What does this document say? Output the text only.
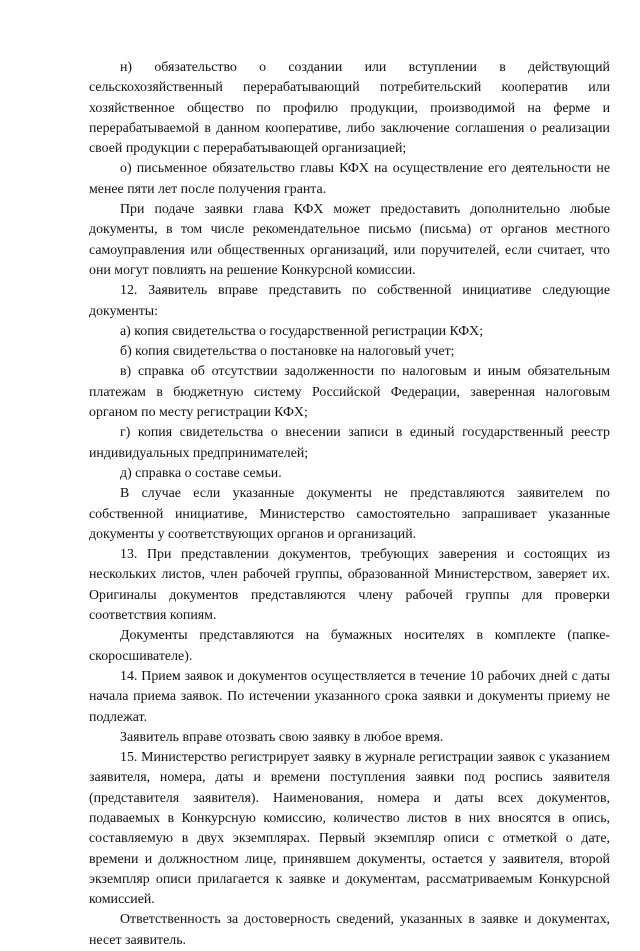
н) обязательство о создании или вступлении в действующий сельскохозяйственный перерабатывающий потребительский кооператив или хозяйственное общество по профилю продукции, производимой на ферме и перерабатываемой в данном кооперативе, либо заключение соглашения о реализации своей продукции с перерабатывающей организацией;

о) письменное обязательство главы КФХ на осуществление его деятельности не менее пяти лет после получения гранта.

При подаче заявки глава КФХ может предоставить дополнительно любые документы, в том числе рекомендательное письмо (письма) от органов местного самоуправления или общественных организаций, или поручителей, если считает, что они могут повлиять на решение Конкурсной комиссии.

12. Заявитель вправе представить по собственной инициативе следующие документы:

а) копия свидетельства о государственной регистрации КФХ;

б) копия свидетельства о постановке на налоговый учет;

в) справка об отсутствии задолженности по налоговым и иным обязательным платежам в бюджетную систему Российской Федерации, заверенная налоговым органом по месту регистрации КФХ;

г) копия свидетельства о внесении записи в единый государственный реестр индивидуальных предпринимателей;

д) справка о составе семьи.

В случае если указанные документы не представляются заявителем по собственной инициативе, Министерство самостоятельно запрашивает указанные документы у соответствующих органов и организаций.

13. При представлении документов, требующих заверения и состоящих из нескольких листов, член рабочей группы, образованной Министерством, заверяет их. Оригиналы документов представляются члену рабочей группы для проверки соответствия копиям.

Документы представляются на бумажных носителях в комплекте (папке-скоросшивателе).

14. Прием заявок и документов осуществляется в течение 10 рабочих дней с даты начала приема заявок. По истечении указанного срока заявки и документы приему не подлежат.

Заявитель вправе отозвать свою заявку в любое время.

15. Министерство регистрирует заявку в журнале регистрации заявок с указанием заявителя, номера, даты и времени поступления заявки под роспись заявителя (представителя заявителя). Наименования, номера и даты всех документов, подаваемых в Конкурсную комиссию, количество листов в них вносятся в опись, составляемую в двух экземплярах. Первый экземпляр описи с отметкой о дате, времени и должностном лице, принявшем документы, остается у заявителя, второй экземпляр описи прилагается к заявке и документам, рассматриваемым Конкурсной комиссией.

Ответственность за достоверность сведений, указанных в заявке и документах, несет заявитель.
